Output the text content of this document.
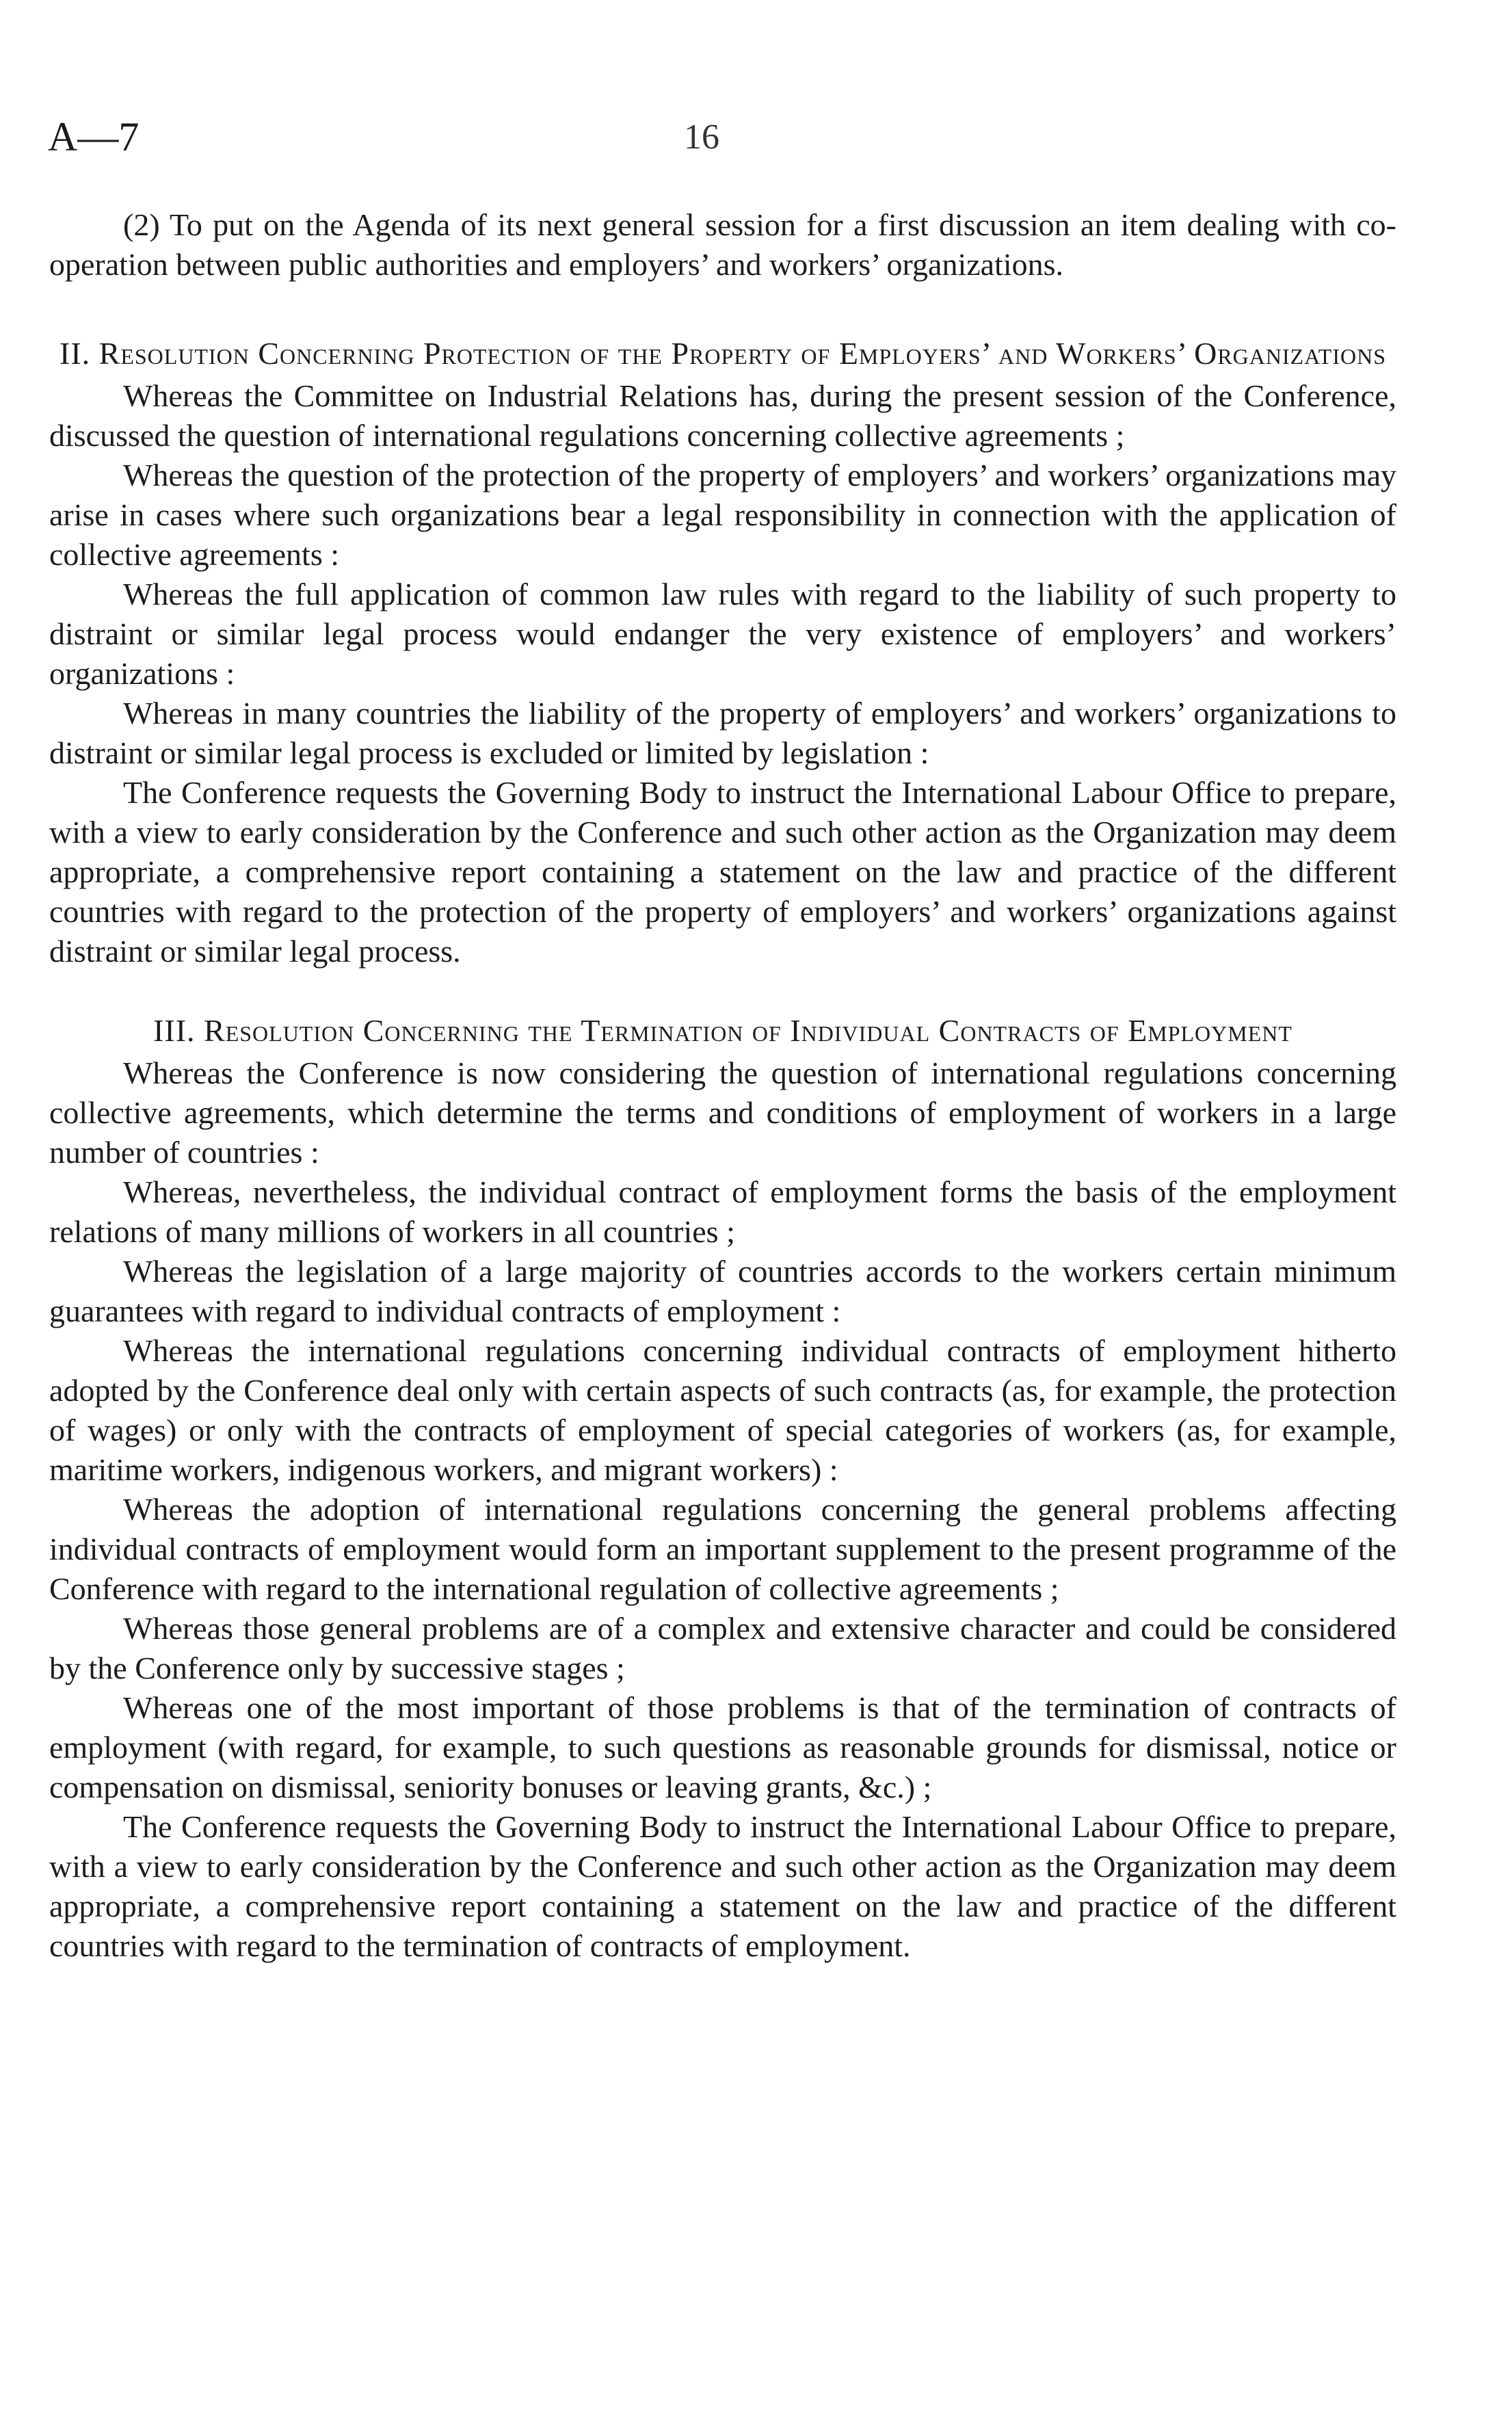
A—7	16

(2) To put on the Agenda of its next general session for a first discussion an item dealing with co-operation between public authorities and employers’ and workers’ organizations.

II. Resolution Concerning Protection of the Property of Employers’ and Workers’ Organizations

Whereas the Committee on Industrial Relations has, during the present session of the Conference, discussed the question of international regulations concerning collective agreements ;

Whereas the question of the protection of the property of employers’ and workers’ organizations may arise in cases where such organizations bear a legal responsibility in connection with the application of collective agreements :

Whereas the full application of common law rules with regard to the liability of such property to distraint or similar legal process would endanger the very existence of employers’ and workers’ organizations :

Whereas in many countries the liability of the property of employers’ and workers’ organizations to distraint or similar legal process is excluded or limited by legislation :

The Conference requests the Governing Body to instruct the International Labour Office to prepare, with a view to early consideration by the Conference and such other action as the Organization may deem appropriate, a comprehensive report containing a statement on the law and practice of the different countries with regard to the protection of the property of employers’ and workers’ organizations against distraint or similar legal process.

III. Resolution Concerning the Termination of Individual Contracts of Employment

Whereas the Conference is now considering the question of international regulations concerning collective agreements, which determine the terms and conditions of employment of workers in a large number of countries :

Whereas, nevertheless, the individual contract of employment forms the basis of the employment relations of many millions of workers in all countries ;

Whereas the legislation of a large majority of countries accords to the workers certain minimum guarantees with regard to individual contracts of employment :

Whereas the international regulations concerning individual contracts of employment hitherto adopted by the Conference deal only with certain aspects of such contracts (as, for example, the protection of wages) or only with the contracts of employment of special categories of workers (as, for example, maritime workers, indigenous workers, and migrant workers) :

Whereas the adoption of international regulations concerning the general problems affecting individual contracts of employment would form an important supplement to the present programme of the Conference with regard to the international regulation of collective agreements ;

Whereas those general problems are of a complex and extensive character and could be considered by the Conference only by successive stages ;

Whereas one of the most important of those problems is that of the termination of contracts of employment (with regard, for example, to such questions as reasonable grounds for dismissal, notice or compensation on dismissal, seniority bonuses or leaving grants, &c.) ;

The Conference requests the Governing Body to instruct the International Labour Office to prepare, with a view to early consideration by the Conference and such other action as the Organization may deem appropriate, a comprehensive report containing a statement on the law and practice of the different countries with regard to the termination of contracts of employment.
